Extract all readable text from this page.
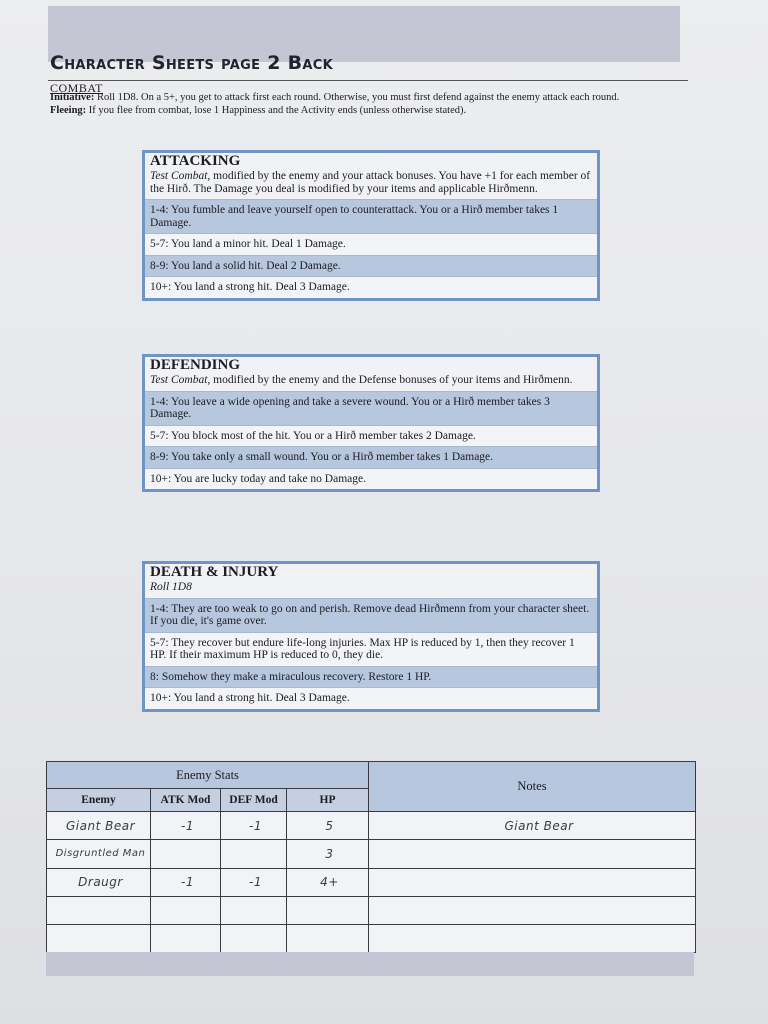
Character Sheets page 2 Back
COMBAT

Initiative: Roll 1D8. On a 5+, you get to attack first each round. Otherwise, you must first defend against the enemy attack each round.

Fleeing: If you flee from combat, lose 1 Happiness and the Activity ends (unless otherwise stated).

ATTACKING
Test Combat, modified by the enemy and your attack bonuses. You have +1 for each member of the Hirð. The Damage you deal is modified by your items and applicable Hirðmenn.
1-4: You fumble and leave yourself open to counterattack. You or a Hirð member takes 1 Damage.
5-7: You land a minor hit. Deal 1 Damage.
8-9: You land a solid hit. Deal 2 Damage.
10+: You land a strong hit. Deal 3 Damage.
DEFENDING
Test Combat, modified by the enemy and the Defense bonuses of your items and Hirðmenn.
1-4: You leave a wide opening and take a severe wound. You or a Hirð member takes 3 Damage.
5-7: You block most of the hit. You or a Hirð member takes 2 Damage.
8-9: You take only a small wound. You or a Hirð member takes 1 Damage.
10+: You are lucky today and take no Damage.
DEATH & INJURY
Roll 1D8
1-4: They are too weak to go on and perish. Remove dead Hirðmenn from your character sheet. If you die, it's game over.
5-7: They recover but endure life-long injuries. Max HP is reduced by 1, then they recover 1 HP. If their maximum HP is reduced to 0, they die.
8: Somehow they make a miraculous recovery. Restore 1 HP.
10+: You land a strong hit. Deal 3 Damage.
Enemy Stats				Notes
Enemy	ATK Mod	DEF Mod	HP	
Giant Bear	-1	-1	5	Giant Bear
Disgruntled Man			3	
Draugr	-1	-1	4+	
